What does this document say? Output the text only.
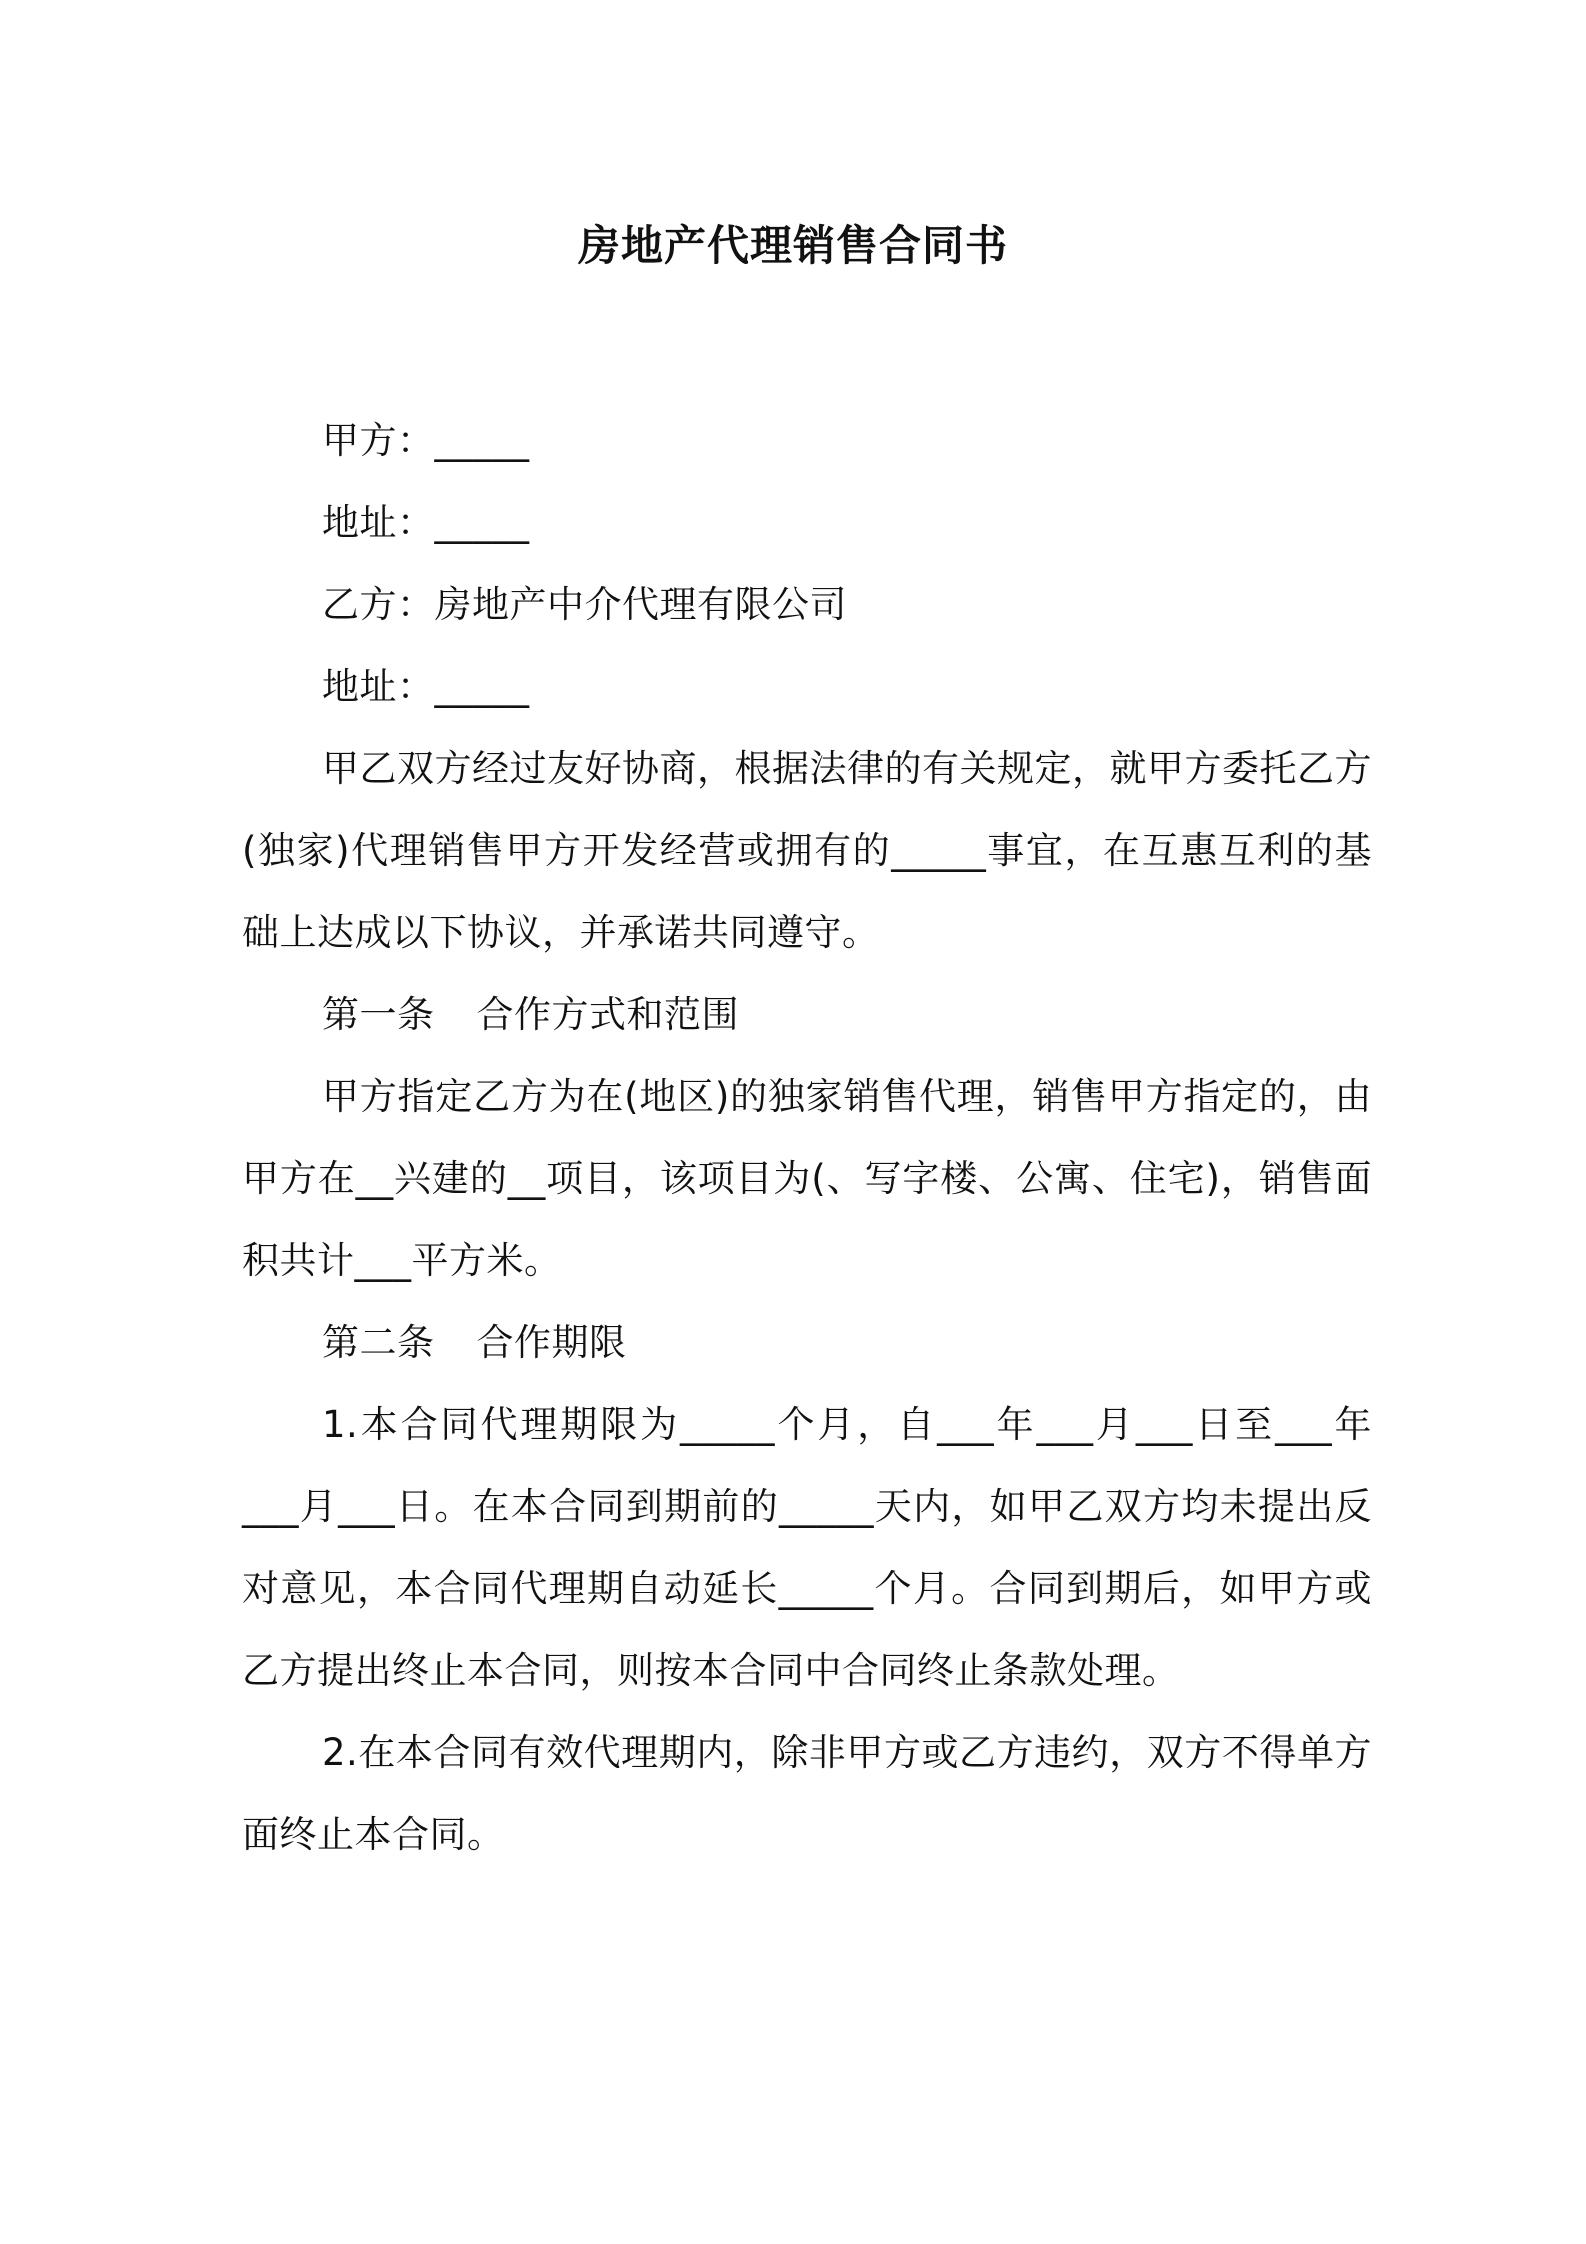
房地产代理销售合同书

甲方：_____

地址：_____

乙方：房地产中介代理有限公司

地址：_____

甲乙双方经过友好协商，根据法律的有关规定，就甲方委托乙方(独家)代理销售甲方开发经营或拥有的_____事宜，在互惠互利的基础上达成以下协议，并承诺共同遵守。

第一条 合作方式和范围

甲方指定乙方为在(地区)的独家销售代理，销售甲方指定的，由甲方在__兴建的__项目，该项目为(、写字楼、公寓、住宅)，销售面积共计___平方米。

第二条 合作期限

1.本合同代理期限为_____个月，自___年___月___日至___年___月___日。在本合同到期前的_____天内，如甲乙双方均未提出反对意见，本合同代理期自动延长_____个月。合同到期后，如甲方或乙方提出终止本合同，则按本合同中合同终止条款处理。

2.在本合同有效代理期内，除非甲方或乙方违约，双方不得单方面终止本合同。
